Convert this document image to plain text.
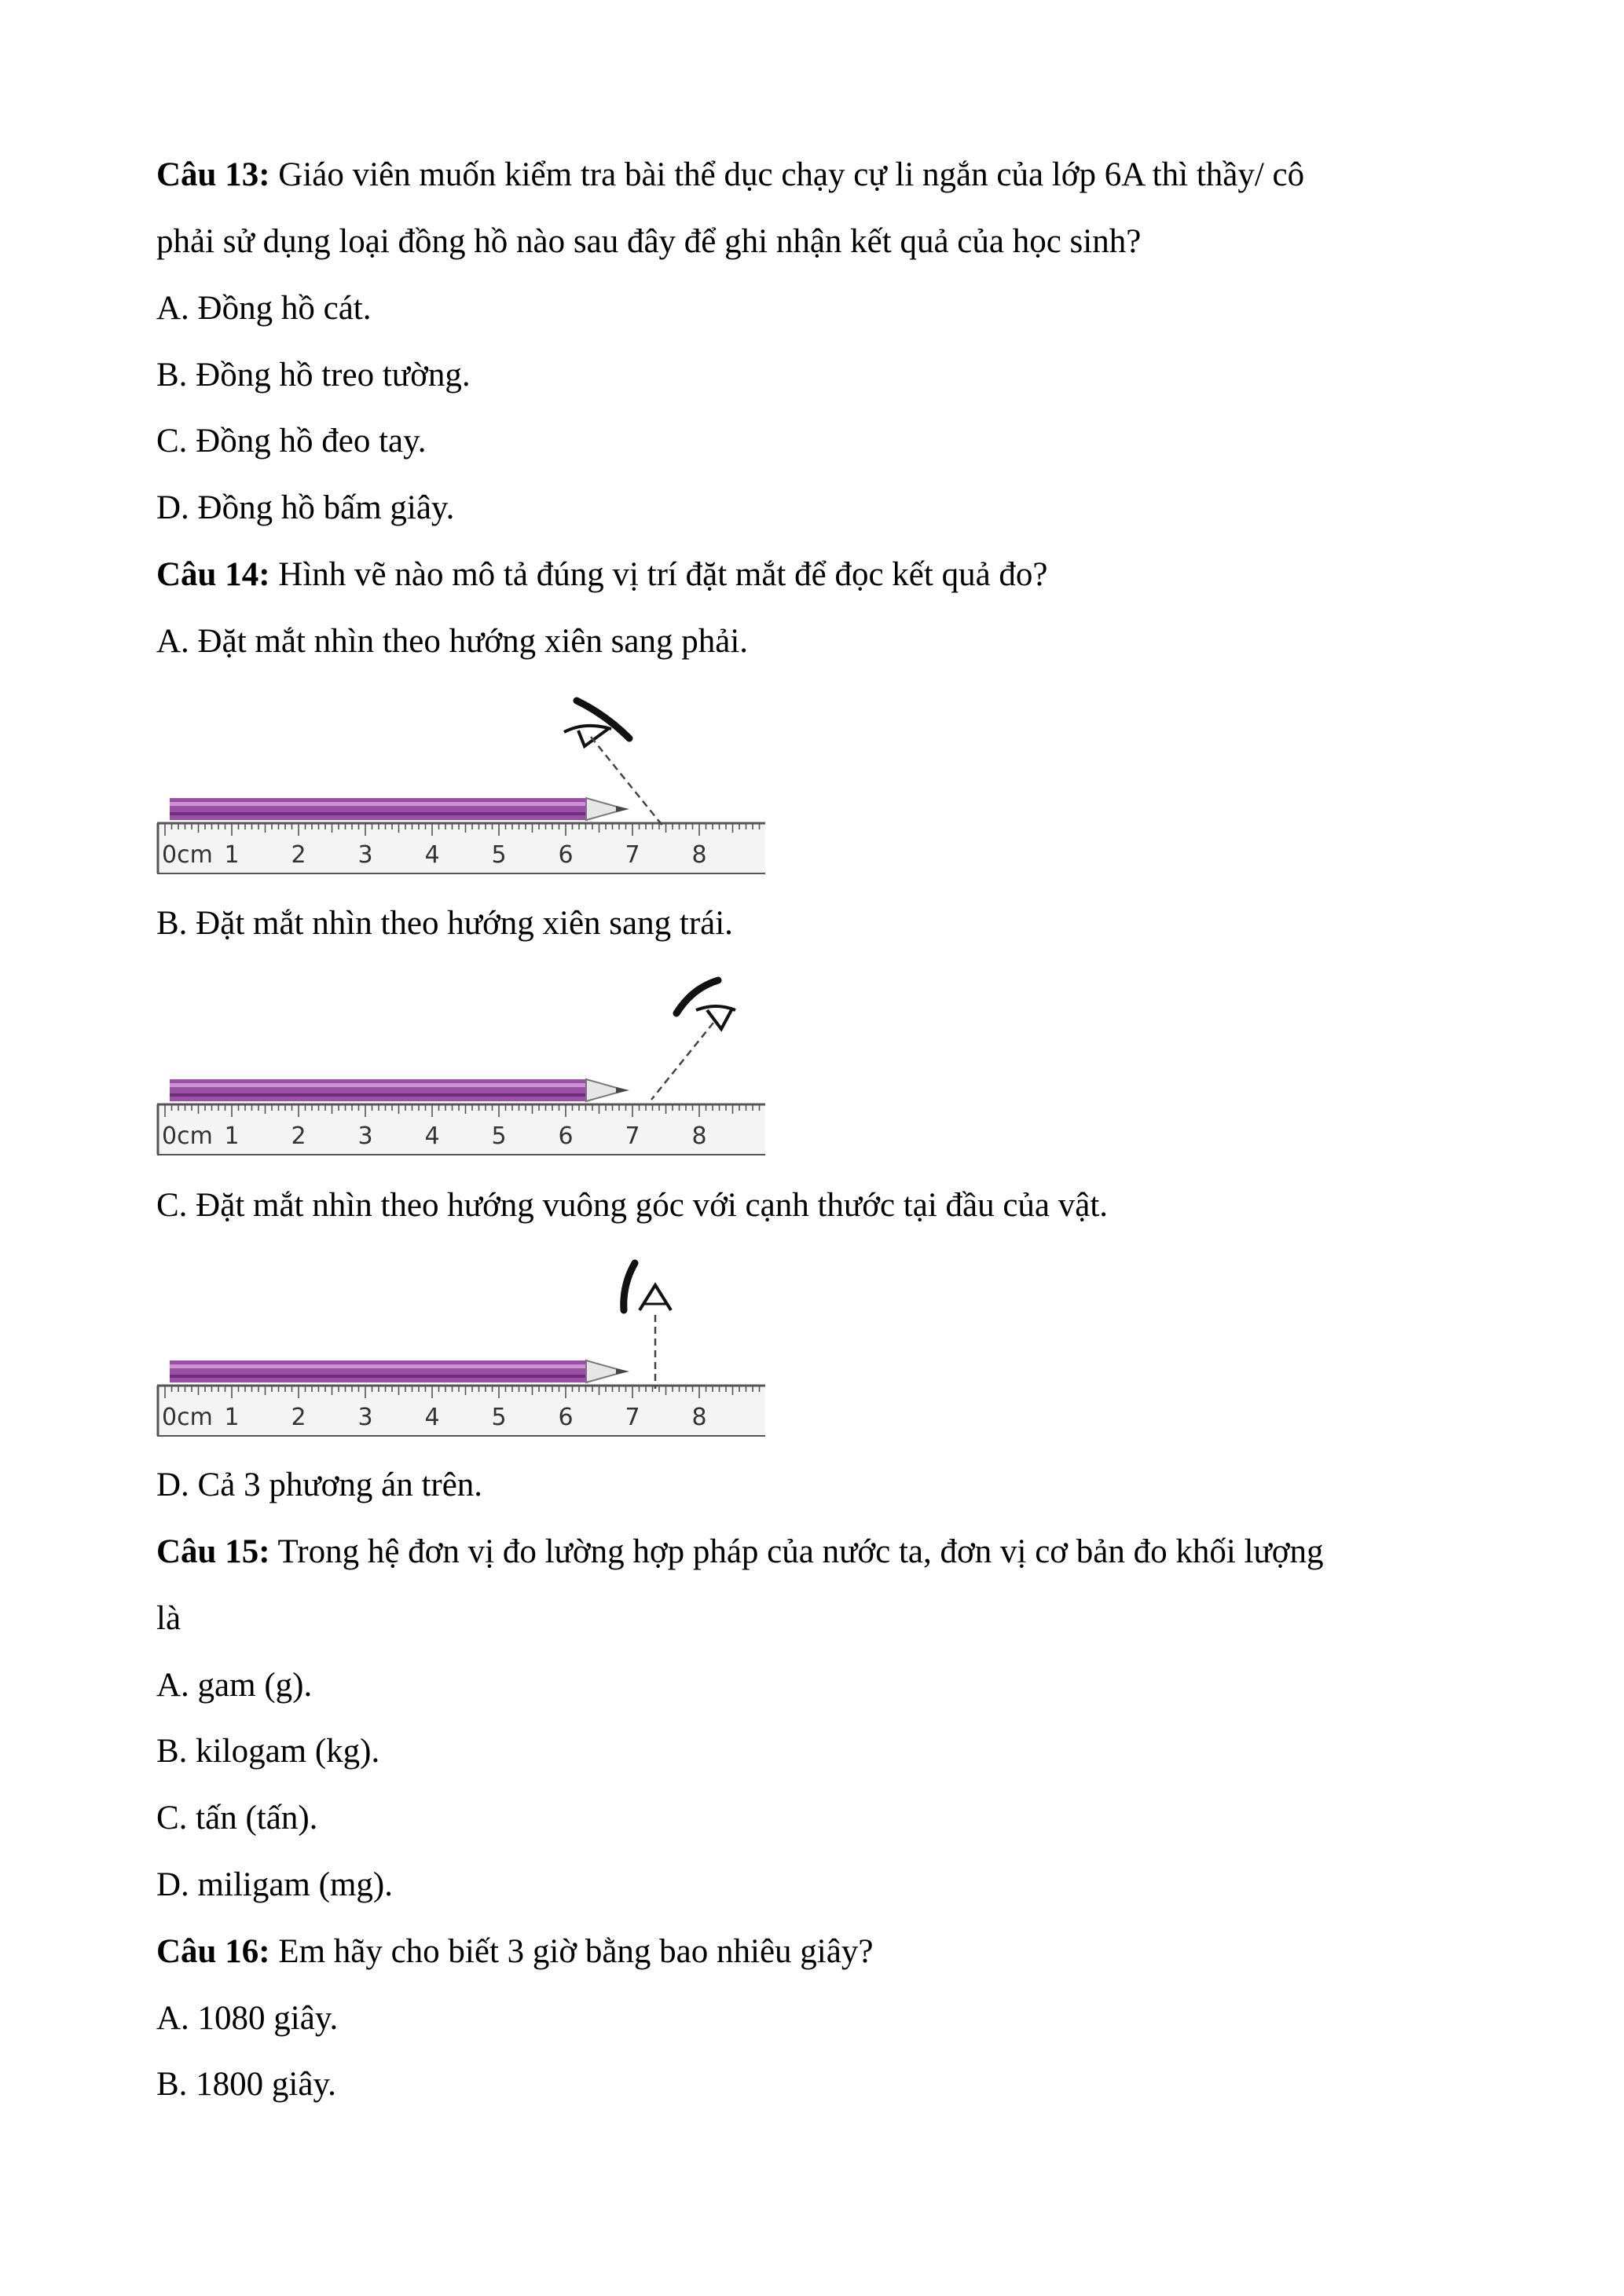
Câu 13: Giáo viên muốn kiểm tra bài thể dục chạy cự li ngắn của lớp 6A thì thầy/ cô

phải sử dụng loại đồng hồ nào sau đây để ghi nhận kết quả của học sinh?

A. Đồng hồ cát.

B. Đồng hồ treo tường.

C. Đồng hồ đeo tay.

D. Đồng hồ bấm giây.

Câu 14: Hình vẽ nào mô tả đúng vị trí đặt mắt để đọc kết quả đo?

A. Đặt mắt nhìn theo hướng xiên sang phải.

0cm 1 2 3 4 5 6 7 8

B. Đặt mắt nhìn theo hướng xiên sang trái.

0cm 1 2 3 4 5 6 7 8

C. Đặt mắt nhìn theo hướng vuông góc với cạnh thước tại đầu của vật.

0cm 1 2 3 4 5 6 7 8

D. Cả 3 phương án trên.

Câu 15: Trong hệ đơn vị đo lường hợp pháp của nước ta, đơn vị cơ bản đo khối lượng

là

A. gam (g).

B. kilogam (kg).

C. tấn (tấn).

D. miligam (mg).

Câu 16: Em hãy cho biết 3 giờ bằng bao nhiêu giây?

A. 1080 giây.

B. 1800 giây.
